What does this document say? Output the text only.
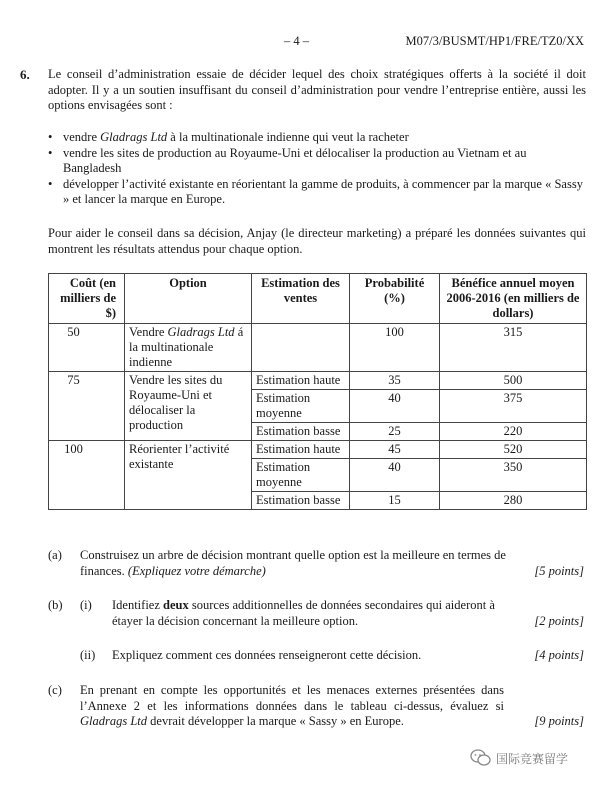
– 4 –	M07/3/BUSMT/HP1/FRE/TZ0/XX
6. Le conseil d’administration essaie de décider lequel des choix stratégiques offerts à la société il doit adopter. Il y a un soutien insuffisant du conseil d’administration pour vendre l’entreprise entière, aussi les options envisagées sont :
• vendre Gladrags Ltd à la multinationale indienne qui veut la racheter
• vendre les sites de production au Royaume-Uni et délocaliser la production au Vietnam et au Bangladesh
• développer l’activité existante en réorientant la gamme de produits, à commencer par la marque « Sassy » et lancer la marque en Europe.
Pour aider le conseil dans sa décision, Anjay (le directeur marketing) a préparé les données suivantes qui montrent les résultats attendus pour chaque option.
Coût (en milliers de $)	Option	Estimation des ventes	Probabilité (%)	Bénéfice annuel moyen 2006-2016 (en milliers de dollars)
50	Vendre Gladrags Ltd á la multinationale indienne		100	315
75	Vendre les sites du Royaume-Uni et délocaliser la production	Estimation haute	35	500
		Estimation moyenne	40	375
		Estimation basse	25	220
100	Réorienter l’activité existante	Estimation haute	45	520
		Estimation moyenne	40	350
		Estimation basse	15	280
(a) Construisez un arbre de décision montrant quelle option est la meilleure en termes de finances. (Expliquez votre démarche)	[5 points]
(b) (i) Identifiez deux sources additionnelles de données secondaires qui aideront à étayer la décision concernant la meilleure option.	[2 points]
(ii) Expliquez comment ces données renseigneront cette décision.	[4 points]
(c) En prenant en compte les opportunités et les menaces externes présentées dans l’Annexe 2 et les informations données dans le tableau ci-dessus, évaluez si Gladrags Ltd devrait développer la marque « Sassy » en Europe.	[9 points]
国际竞赛留学
